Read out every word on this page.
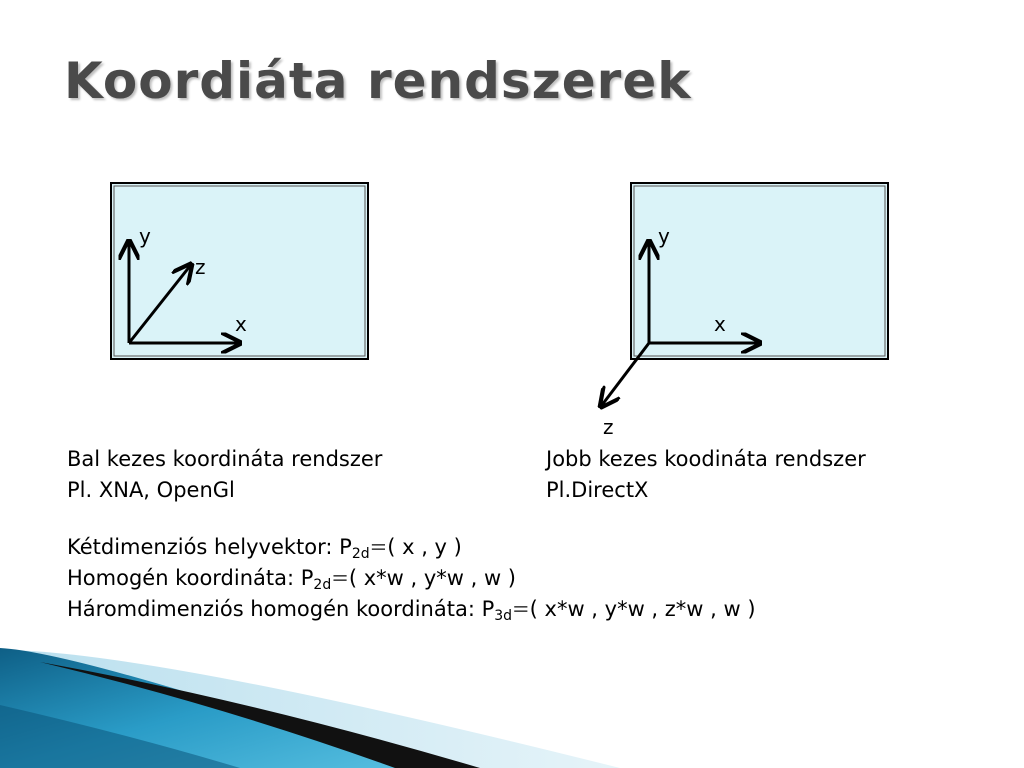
Koordiáta rendszerek
y
z
x
y
x
z
Bal kezes koordináta rendszer
Pl. XNA, OpenGl
Jobb kezes koodináta rendszer
Pl.DirectX
Kétdimenziós helyvektor: $P_{2d}=$( x , y )
Homogén koordináta: $P_{2d}=$( x*w , y*w , w )
Háromdimenziós homogén koordináta: $P_{3d}=$( x*w , y*w , z*w , w )
